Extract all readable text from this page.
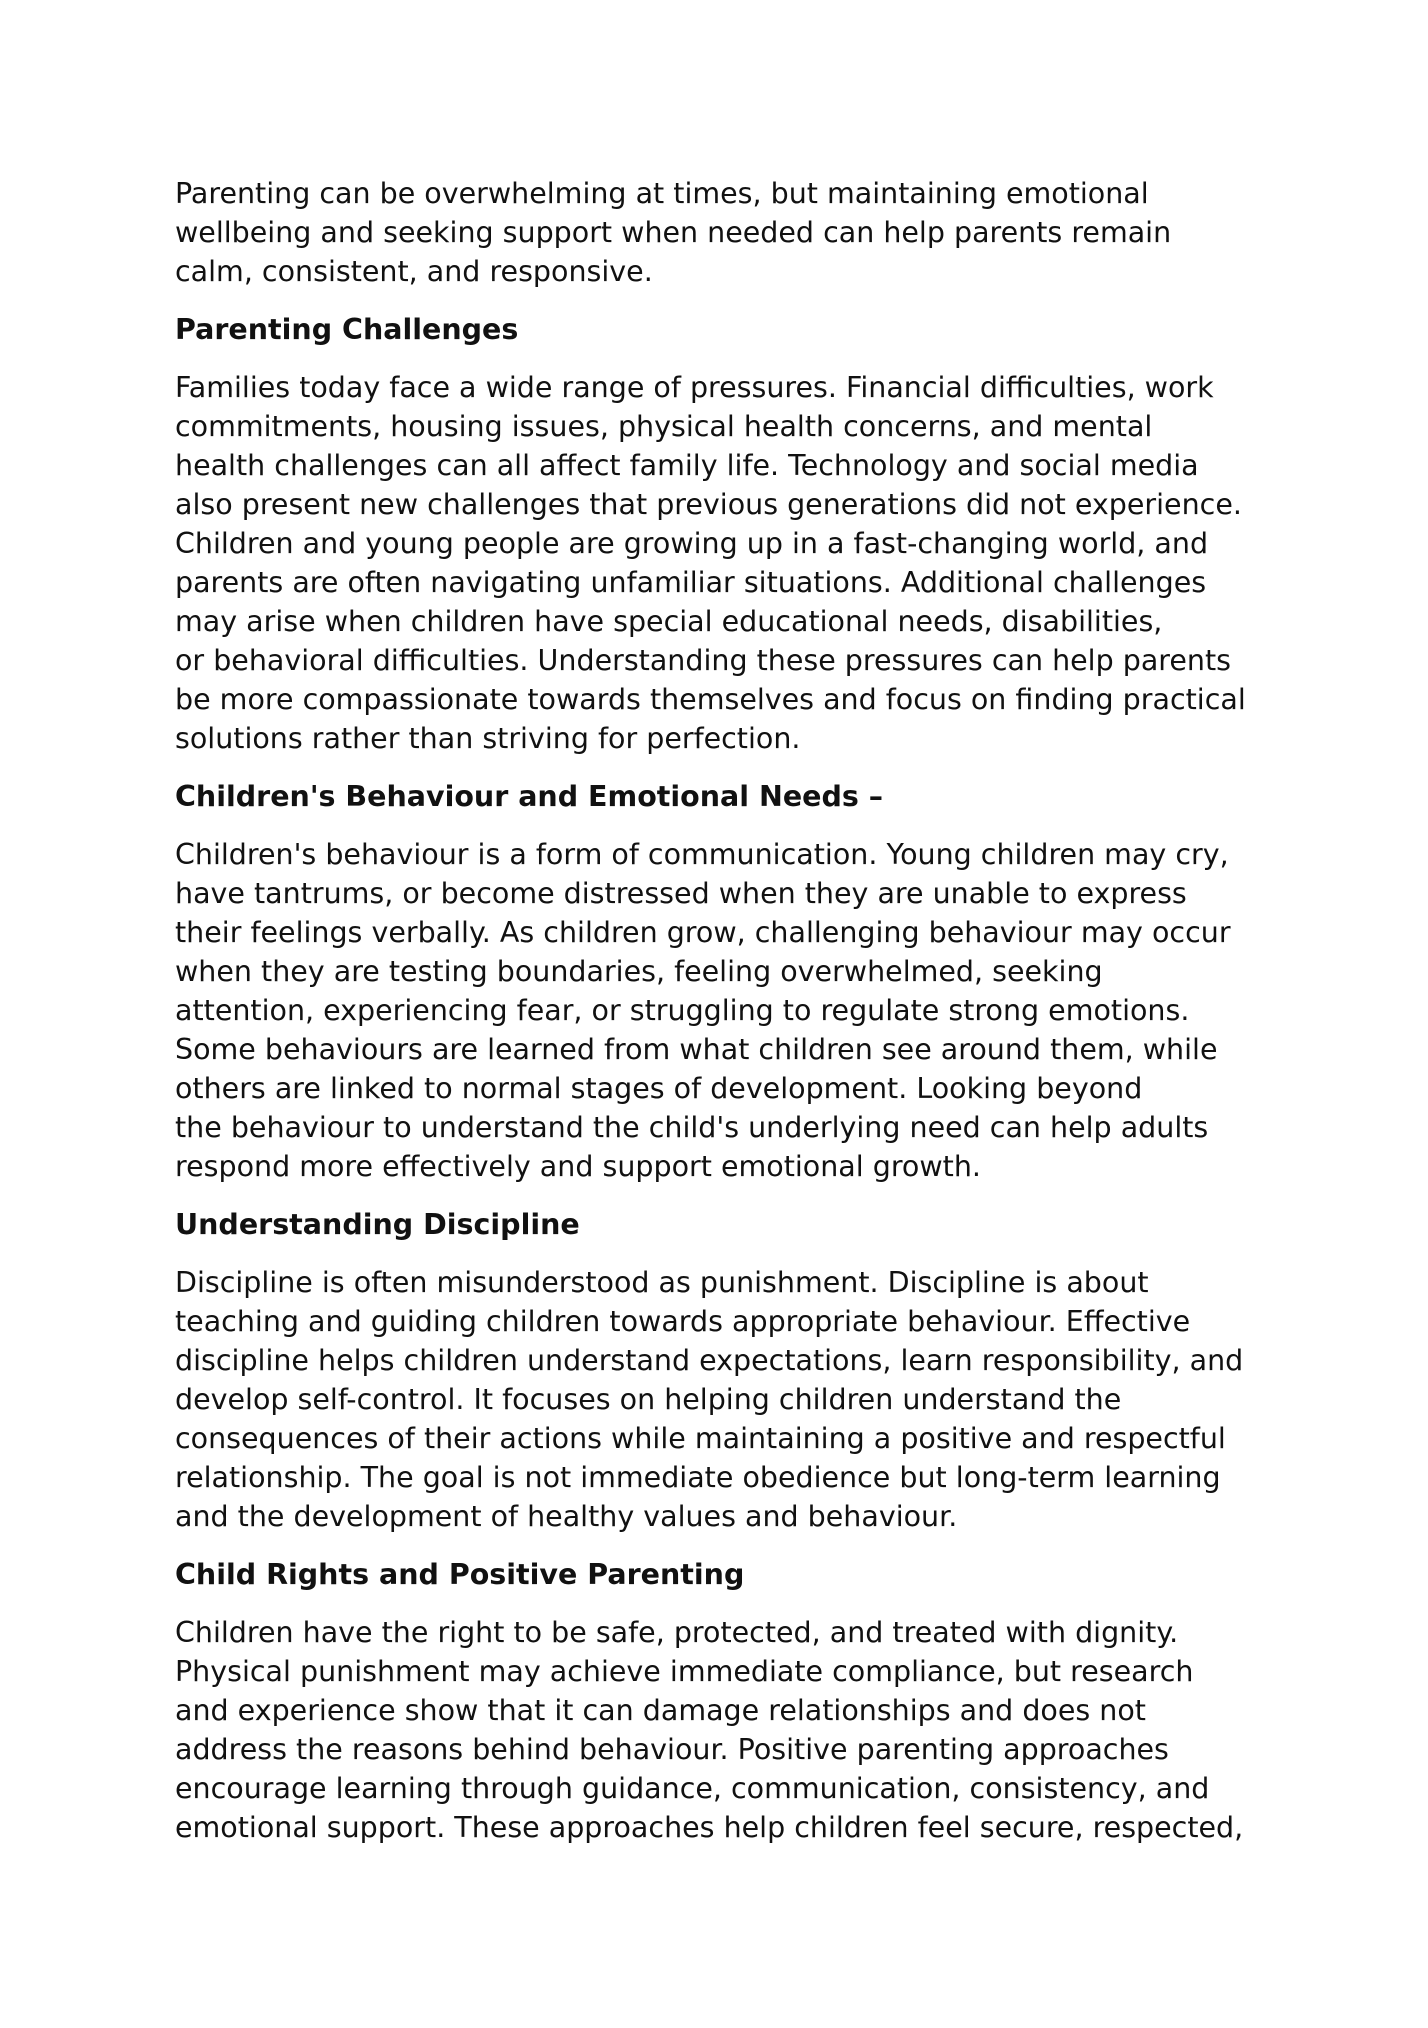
Parenting can be overwhelming at times, but maintaining emotional
wellbeing and seeking support when needed can help parents remain
calm, consistent, and responsive.

Parenting Challenges

Families today face a wide range of pressures. Financial difficulties, work
commitments, housing issues, physical health concerns, and mental
health challenges can all affect family life. Technology and social media
also present new challenges that previous generations did not experience.
Children and young people are growing up in a fast-changing world, and
parents are often navigating unfamiliar situations. Additional challenges
may arise when children have special educational needs, disabilities,
or behavioral difficulties. Understanding these pressures can help parents
be more compassionate towards themselves and focus on finding practical
solutions rather than striving for perfection.

Children's Behaviour and Emotional Needs –

Children's behaviour is a form of communication. Young children may cry,
have tantrums, or become distressed when they are unable to express
their feelings verbally. As children grow, challenging behaviour may occur
when they are testing boundaries, feeling overwhelmed, seeking
attention, experiencing fear, or struggling to regulate strong emotions.
Some behaviours are learned from what children see around them, while
others are linked to normal stages of development. Looking beyond
the behaviour to understand the child's underlying need can help adults
respond more effectively and support emotional growth.

Understanding Discipline

Discipline is often misunderstood as punishment. Discipline is about
teaching and guiding children towards appropriate behaviour. Effective
discipline helps children understand expectations, learn responsibility, and
develop self-control. It focuses on helping children understand the
consequences of their actions while maintaining a positive and respectful
relationship. The goal is not immediate obedience but long-term learning
and the development of healthy values and behaviour.

Child Rights and Positive Parenting

Children have the right to be safe, protected, and treated with dignity.
Physical punishment may achieve immediate compliance, but research
and experience show that it can damage relationships and does not
address the reasons behind behaviour. Positive parenting approaches
encourage learning through guidance, communication, consistency, and
emotional support. These approaches help children feel secure, respected,
